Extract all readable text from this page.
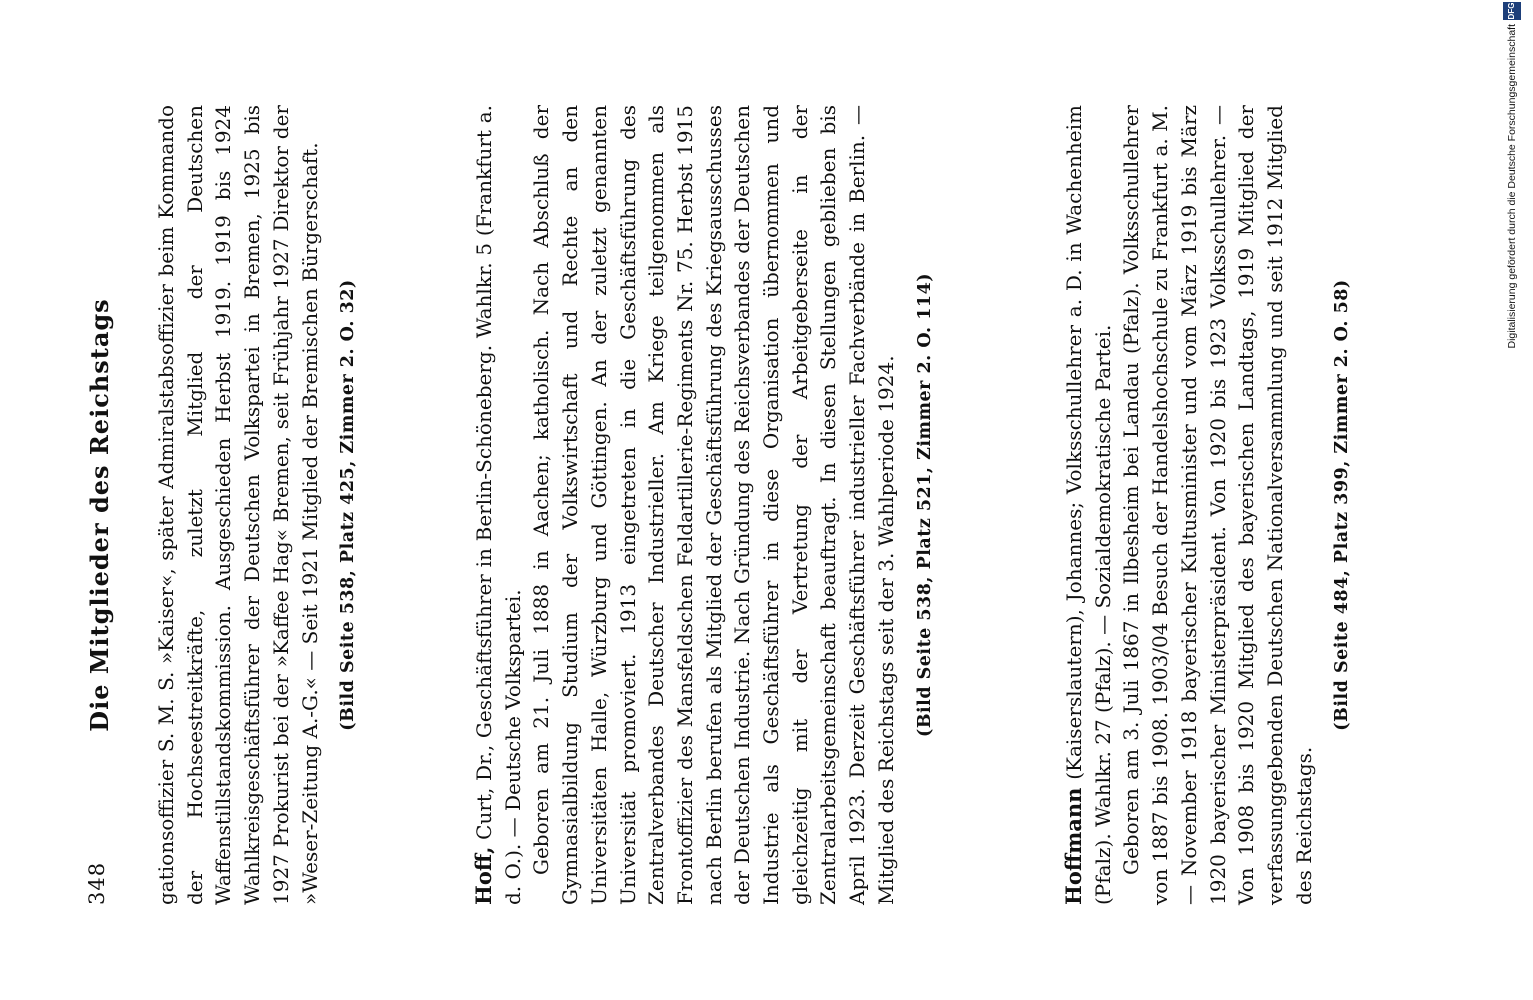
348
Die Mitglieder des Reichstags gationsoffizier S. M. S. »Kaiser«, später Admiralstabsoffizier beim Kommando der Hochseestreitkräfte, zuletzt Mitglied der Deutschen Waffenstillstandskommission. Ausgeschieden Herbst 1919. 1919 bis 1924 Wahlkreisgeschäftsführer der Deutschen Volkspartei in Bremen, 1925 bis 1927 Prokurist bei der »Kaffee Hag« Bremen, seit Frühjahr 1927 Direktor der »Weser-Zeitung A.-G.« — Seit 1921 Mitglied der Bremischen Bürgerschaft. (Bild Seite 538, Platz 425, Zimmer 2. O. 32)

Hoff, Curt, Dr., Geschäftsführer in Berlin-Schöneberg. Wahlkr. 5 (Frankfurt a. d. O.). — Deutsche Volkspartei. Geboren am 21. Juli 1888 in Aachen; katholisch. Nach Abschluß der Gymnasialbildung Studium der Volkswirtschaft und Rechte an den Universitäten Halle, Würzburg und Göttingen. An der zuletzt genannten Universität promoviert. 1913 eingetreten in die Geschäftsführung des Zentralverbandes Deutscher Industrieller. Am Kriege teilgenommen als Frontoffizier des Mansfeldschen Feldartillerie-Regiments Nr. 75. Herbst 1915 nach Berlin berufen als Mitglied der Geschäftsführung des Kriegsausschusses der Deutschen Industrie. Nach Gründung des Reichsverbandes der Deutschen Industrie als Geschäftsführer in diese Organisation übernommen und gleichzeitig mit der Vertretung der Arbeitgeberseite in der Zentralarbeitsgemeinschaft beauftragt. In diesen Stellungen geblieben bis April 1923. Derzeit Geschäftsführer industrieller Fachverbände in Berlin. — Mitglied des Reichstags seit der 3. Wahlperiode 1924. (Bild Seite 538, Platz 521, Zimmer 2. O. 114)

Hoffmann (Kaiserslautern), Johannes; Volksschullehrer a. D. in Wachenheim (Pfalz). Wahlkr. 27 (Pfalz). — Sozialdemokratische Partei. Geboren am 3. Juli 1867 in Ilbesheim bei Landau (Pfalz). Volksschullehrer von 1887 bis 1908. 1903/04 Besuch der Handelshochschule zu Frankfurt a. M. — November 1918 bayerischer Kultusminister und vom März 1919 bis März 1920 bayerischer Ministerpräsident. Von 1920 bis 1923 Volksschullehrer. — Von 1908 bis 1920 Mitglied des bayerischen Landtags, 1919 Mitglied der verfassunggebenden Deutschen Nationalversammlung und seit 1912 Mitglied des Reichstags.

(Bild Seite 484, Platz 399, Zimmer 2. O. 58)
Digitalisierung gefördert durch die Deutsche Forschungsgemeinschaft
DFG
